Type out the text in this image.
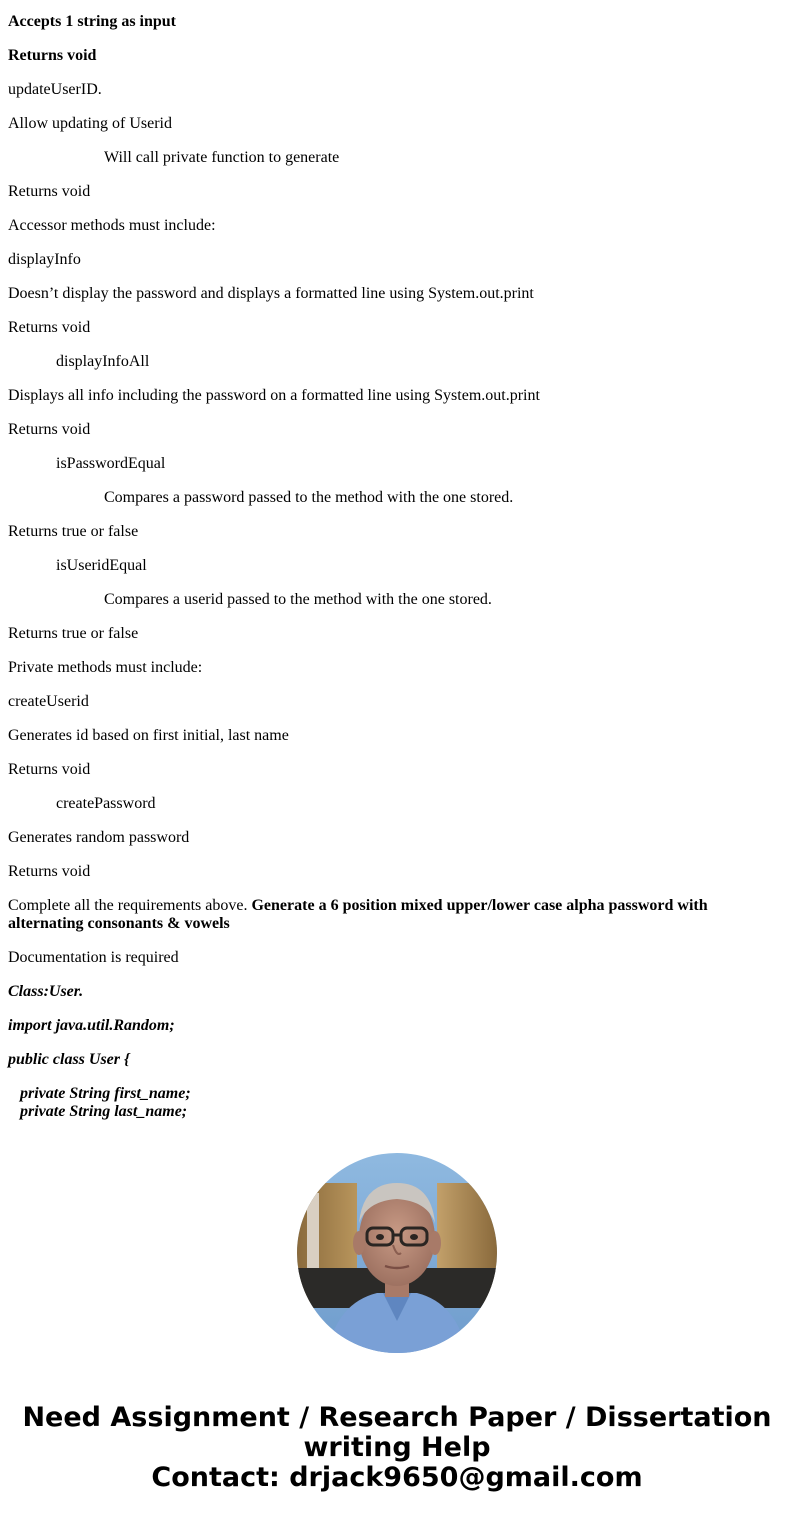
Accepts 1 string as input

Returns void

updateUserID.

Allow updating of Userid

Will call private function to generate

Returns void

Accessor methods must include:

displayInfo

Doesn’t display the password and displays a formatted line using System.out.print

Returns void

displayInfoAll

Displays all info including the password on a formatted line using System.out.print

Returns void

isPasswordEqual

Compares a password passed to the method with the one stored.

Returns true or false

isUseridEqual

Compares a userid passed to the method with the one stored.

Returns true or false

Private methods must include:

createUserid

Generates id based on first initial, last name

Returns void

createPassword

Generates random password

Returns void

Complete all the requirements above. Generate a 6 position mixed upper/lower case alpha password with alternating consonants & vowels

Documentation is required

Class:User.

import java.util.Random;

public class User {

private String first_name;

private String last_name;

Need Assignment / Research Paper / Dissertation
writing Help
Contact: drjack9650@gmail.com
